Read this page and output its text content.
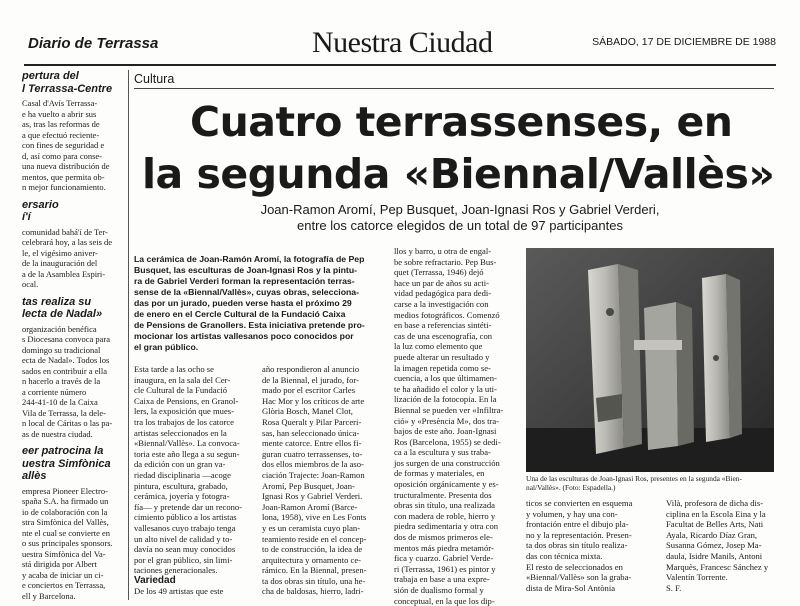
Diario de Terrassa	Nuestra Ciudad	SÁBADO, 17 DE DICIEMBRE DE 1988
pertura del
l Terrassa-Centre

Casal d'Avís Terrassa-
e ha vuelto a abrir sus
as, tras las reformas de
a que efectuó reciente-
con fines de seguridad e
d, así como para conse-
una nueva distribución de
mentos, que permita ob-
n mejor funcionamiento.

ersario
í'í

comunidad bahá'í de Ter-
celebrará hoy, a las seis de
le, el vigésimo aniver-
de la inauguración del
a de la Asamblea Espiri-
ocal.

tas realiza su
lecta de Nadal»

organización benéfica
s Diocesana convoca para
domingo su tradicional
ecta de Nadal». Todos los
sados en contribuir a ella
n hacerlo a través de la
a corriente número
244-41-10 de la Caixa
Vila de Terrassa, la dele-
n local de Cáritas o las pa-
as de nuestra ciudad.

eer patrocina la
uestra Simfònica
allès

empresa Pioneer Electro-
spaña S.A. ha firmado un
io de colaboración con la
stra Simfònica del Vallès,
nte el cual se convierte en
o sus principales sponsors.
uestra Simfònica del Va-
stá dirigida por Albert
y acaba de iniciar un ci-
e conciertos en Terrassa,
ell y Barcelona.

Cultura
Cuatro terrassenses, en
la segunda «Biennal/Vallès»
Joan-Ramon Aromí, Pep Busquet, Joan-Ignasi Ros y Gabriel Verderi,
entre los catorce elegidos de un total de 97 participantes
La cerámica de Joan-Ramón Aromí, la fotografía de Pep
Busquet, las esculturas de Joan-Ignasi Ros y la pintu-
ra de Gabriel Verderi forman la representación terras-
sense de la «Biennal/Vallès», cuyas obras, selecciona-
das por un jurado, pueden verse hasta el próximo 29
de enero en el Cercle Cultural de la Fundació Caixa
de Pensions de Granollers. Esta iniciativa pretende pro-
mocionar los artistas vallesanos poco conocidos por
el gran público.
Esta tarde a las ocho se
inaugura, en la sala del Cer-
cle Cultural de la Fundació
Caixa de Pensions, en Granol-
lers, la exposición que mues-
tra los trabajos de los catorce
artistas seleccionados en la
«Biennal/Vallès». La convoca-
toria este año llega a su segun-
da edición con un gran va-
riedad disciplinaria —acoge
pintura, escultura, grabado,
cerámica, joyería y fotogra-
fía— y pretende dar un recono-
cimiento público a los artistas
vallesanos cuyo trabajo tenga
un alto nivel de calidad y to-
davía no sean muy conocidos
por el gran público, sin limi-
taciones generacionales.
Variedad
De los 49 artistas que este
año respondieron al anuncio
de la Biennal, el jurado, for-
mado por el escritor Carles
Hac Mor y los críticos de arte
Glòria Bosch, Manel Clot,
Rosa Queralt y Pilar Parceri-
sas, han seleccionado única-
mente catorce. Entre ellos fi-
guran cuatro terrassenses, to-
dos ellos miembros de la aso-
ciación Trajecte: Joan-Ramon
Aromí, Pep Busquet, Joan-
Ignasi Ros y Gabriel Verderi.
Joan-Ramon Aromí (Barce-
lona, 1958), vive en Les Fonts
y es un ceramista cuyo plan-
teamiento reside en el concep-
to de construcción, la idea de
arquitectura y ornamento ce-
rámico. En la Biennal, presen-
ta dos obras sin título, una he-
cha de baldosas, hierro, ladri-
llos y barro, u otra de engal-
be sobre refractario. Pep Bus-
quet (Terrassa, 1946) dejó
hace un par de años su acti-
vidad pedagógica para dedi-
carse a la investigación con
medios fotográficos. Comenzó
en base a referencias sintéti-
cas de una escenografía, con
la luz como elemento que
puede alterar un resultado y
la imagen repetida como se-
cuencia, a los que últimamen-
te ha añadido el color y la uti-
lización de la fotocopia. En la
Biennal se pueden ver «Infiltra-
ció» y «Presència M», dos tra-
bajos de este año. Joan-Ignasi
Ros (Barcelona, 1955) se dedi-
ca a la escultura y sus traba-
jos surgen de una construcción
de formas y materiales, en
oposición orgánicamente y es-
tructuralmente. Presenta dos
obras sin título, una realizada
con madera de roble, hierro y
piedra sedimentaria y otra con
dos de mismos primeros ele-
mentos más piedra metamór-
fica y cuarzo. Gabriel Verde-
ri (Terrassa, 1961) es pintor y
trabaja en base a una expre-
sión de dualismo formal y
conceptual, en la que los dip-
Una de las esculturas de Joan-Ignasi Ros, presentes en la segunda «Bien-
nal/Vallès». (Foto: Espadella.)
ticos se convierten en esquema
y volumen, y hay una con-
frontación entre el dibujo pla-
no y la representación. Presen-
ta dos obras sin título realiza-
das con técnica mixta.
El resto de seleccionados en
«Biennal/Vallès» son la graba-
dista de Mira-Sol Antònia
Vilà, profesora de dicha dis-
ciplina en la Escola Eina y la
Facultat de Belles Arts, Nati
Ayala, Ricardo Díaz Gran,
Susanna Gómez, Josep Ma-
daula, Isidre Manils, Antoni
Marquès, Francesc Sánchez y
Valentín Torrente.
S. F.
